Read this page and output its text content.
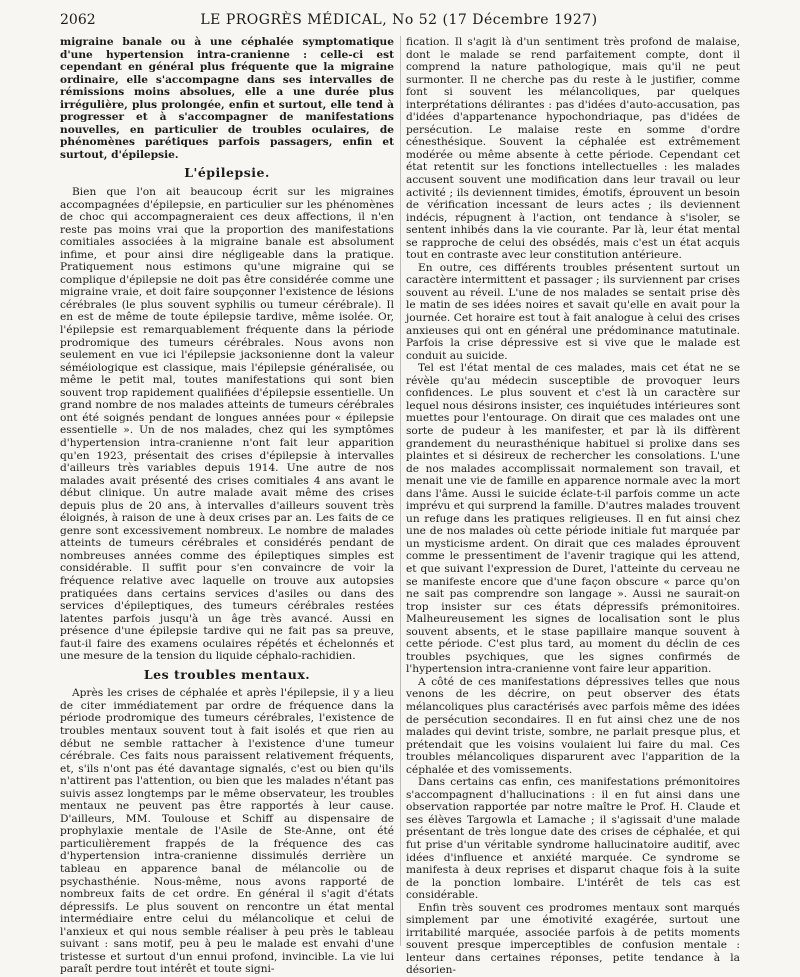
2062	LE PROGRÈS MÉDICAL, No 52 (17 Décembre 1927)

migraine banale ou à une céphalée symptomatique d'une hypertension intra-cranienne : celle-ci est cependant en général plus fréquente que la migraine ordinaire, elle s'accompagne dans ses intervalles de rémissions moins absolues, elle a une durée plus irrégulière, plus prolongée, enfin et surtout, elle tend à progresser et à s'accompagner de manifestations nouvelles, en particulier de troubles oculaires, de phénomènes parétiques parfois passagers, enfin et surtout, d'épilepsie.

L'épilepsie.

Bien que l'on ait beaucoup écrit sur les migraines accompagnées d'épilepsie, en particulier sur les phénomènes de choc qui accompagneraient ces deux affections, il n'en reste pas moins vrai que la proportion des manifestations comitiales associées à la migraine banale est absolument infime, et pour ainsi dire négligeable dans la pratique. Pratiquement nous estimons qu'une migraine qui se complique d'épilepsie ne doit pas être considérée comme une migraine vraie, et doit faire soupçonner l'existence de lésions cérébrales (le plus souvent syphilis ou tumeur cérébrale). Il en est de même de toute épilepsie tardive, même isolée. Or, l'épilepsie est remarquablement fréquente dans la période prodromique des tumeurs cérébrales. Nous avons non seulement en vue ici l'épilepsie jacksonienne dont la valeur séméiologique est classique, mais l'épilepsie généralisée, ou même le petit mal, toutes manifestations qui sont bien souvent trop rapidement qualifiées d'épilepsie essentielle. Un grand nombre de nos malades atteints de tumeurs cérébrales ont été soignés pendant de longues années pour « épilepsie essentielle ». Un de nos malades, chez qui les symptômes d'hypertension intra-cranienne n'ont fait leur apparition qu'en 1923, présentait des crises d'épilepsie à intervalles d'ailleurs très variables depuis 1914. Une autre de nos malades avait présenté des crises comitiales 4 ans avant le début clinique. Un autre malade avait même des crises depuis plus de 20 ans, à intervalles d'ailleurs souvent très éloignés, à raison de une à deux crises par an. Les faits de ce genre sont excessivement nombreux. Le nombre de malades atteints de tumeurs cérébrales et considérés pendant de nombreuses années comme des épileptiques simples est considérable. Il suffit pour s'en convaincre de voir la fréquence relative avec laquelle on trouve aux autopsies pratiquées dans certains services d'asiles ou dans des services d'épileptiques, des tumeurs cérébrales restées latentes parfois jusqu'à un âge très avancé. Aussi en présence d'une épilepsie tardive qui ne fait pas sa preuve, faut-il faire des examens oculaires répétés et échelonnés et une mesure de la tension du liquide céphalo-rachidien.

Les troubles mentaux.

Après les crises de céphalée et après l'épilepsie, il y a lieu de citer immédiatement par ordre de fréquence dans la période prodromique des tumeurs cérébrales, l'existence de troubles mentaux souvent tout à fait isolés et que rien au début ne semble rattacher à l'existence d'une tumeur cérébrale. Ces faits nous paraissent relativement fréquents, et, s'ils n'ont pas été davantage signalés, c'est ou bien qu'ils n'attirent pas l'attention, ou bien que les malades n'étant pas suivis assez longtemps par le même observateur, les troubles mentaux ne peuvent pas être rapportés à leur cause. D'ailleurs, MM. Toulouse et Schiff au dispensaire de prophylaxie mentale de l'Asile de Ste-Anne, ont été particulièrement frappés de la fréquence des cas d'hypertension intra-cranienne dissimulés derrière un tableau en apparence banal de mélancolie ou de psychasthénie. Nous-même, nous avons rapporté de nombreux faits de cet ordre. En général il s'agit d'états dépressifs. Le plus souvent on rencontre un état mental intermédiaire entre celui du mélancolique et celui de l'anxieux et qui nous semble réaliser à peu près le tableau suivant : sans motif, peu à peu le malade est envahi d'une tristesse et surtout d'un ennui profond, invincible. La vie lui paraît perdre tout intérêt et toute signi-

fication. Il s'agit là d'un sentiment très profond de malaise, dont le malade se rend parfaitement compte, dont il comprend la nature pathologique, mais qu'il ne peut surmonter. Il ne cherche pas du reste à le justifier, comme font si souvent les mélancoliques, par quelques interprétations délirantes : pas d'idées d'auto-accusation, pas d'idées d'appartenance hypochondriaque, pas d'idées de persécution. Le malaise reste en somme d'ordre cénesthésique. Souvent la céphalée est extrêmement modérée ou même absente à cette période. Cependant cet état retentit sur les fonctions intellectuelles : les malades accusent souvent une modification dans leur travail ou leur activité ; ils deviennent timides, émotifs, éprouvent un besoin de vérification incessant de leurs actes ; ils deviennent indécis, répugnent à l'action, ont tendance à s'isoler, se sentent inhibés dans la vie courante. Par là, leur état mental se rapproche de celui des obsédés, mais c'est un état acquis tout en contraste avec leur constitution antérieure.

En outre, ces différents troubles présentent surtout un caractère intermittent et passager ; ils surviennent par crises souvent au réveil. L'une de nos malades se sentait prise dès le matin de ses idées noires et savait qu'elle en avait pour la journée. Cet horaire est tout à fait analogue à celui des crises anxieuses qui ont en général une prédominance matutinale. Parfois la crise dépressive est si vive que le malade est conduit au suicide.

Tel est l'état mental de ces malades, mais cet état ne se révèle qu'au médecin susceptible de provoquer leurs confidences. Le plus souvent et c'est là un caractère sur lequel nous désirons insister, ces inquiétudes intérieures sont muettes pour l'entourage. On dirait que ces malades ont une sorte de pudeur à les manifester, et par là ils diffèrent grandement du neurasthénique habituel si prolixe dans ses plaintes et si désireux de rechercher les consolations. L'une de nos malades accomplissait normalement son travail, et menait une vie de famille en apparence normale avec la mort dans l'âme. Aussi le suicide éclate-t-il parfois comme un acte imprévu et qui surprend la famille. D'autres malades trouvent un refuge dans les pratiques religieuses. Il en fut ainsi chez une de nos malades où cette période initiale fut marquée par un mysticisme ardent. On dirait que ces malades éprouvent comme le pressentiment de l'avenir tragique qui les attend, et que suivant l'expression de Duret, l'atteinte du cerveau ne se manifeste encore que d'une façon obscure « parce qu'on ne sait pas comprendre son langage ». Aussi ne saurait-on trop insister sur ces états dépressifs prémonitoires. Malheureusement les signes de localisation sont le plus souvent absents, et le stase papillaire manque souvent à cette période. C'est plus tard, au moment du déclin de ces troubles psychiques, que les signes confirmés de l'hypertension intra-cranienne vont faire leur apparition.

A côté de ces manifestations dépressives telles que nous venons de les décrire, on peut observer des états mélancoliques plus caractérisés avec parfois même des idées de persécution secondaires. Il en fut ainsi chez une de nos malades qui devint triste, sombre, ne parlait presque plus, et prétendait que les voisins voulaient lui faire du mal. Ces troubles mélancoliques disparurent avec l'apparition de la céphalée et des vomissements.

Dans certains cas enfin, ces manifestations prémonitoires s'accompagnent d'hallucinations : il en fut ainsi dans une observation rapportée par notre maître le Prof. H. Claude et ses élèves Targowla et Lamache ; il s'agissait d'une malade présentant de très longue date des crises de céphalée, et qui fut prise d'un véritable syndrome hallucinatoire auditif, avec idées d'influence et anxiété marquée. Ce syndrome se manifesta à deux reprises et disparut chaque fois à la suite de la ponction lombaire. L'intérêt de tels cas est considérable.

Enfin très souvent ces prodromes mentaux sont marqués simplement par une émotivité exagérée, surtout une irritabilité marquée, associée parfois à de petits moments souvent presque imperceptibles de confusion mentale : lenteur dans certaines réponses, petite tendance à la désorien-
